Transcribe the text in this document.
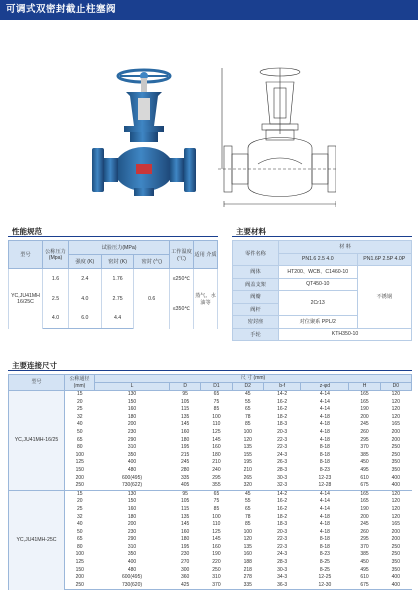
可调式双密封截止柱塞阀
性能规范
型号	公称压力 (Mpa)	试验压力(MPa)			工作温度 (℃)	适用 介质
		强度 (K)	密封 (K)	密封 (气)		
YC,JU41MH 16/25C	1.6	2.4	1.76	0.6	≤250℃	蒸气、水 油等
	2.5	4.0	2.75		≤350℃	
	4.0	6.0	4.4			
主要材料
零件名称	材 料	
	PN1.6 2.5 4.0	PN1.6P 2.5P 4.0P
阀体	HT200、WCB、C1460-10	不锈钢
阀盖支架	QT450-10	
阀瓣	2Cr13	
阀杆		
密封座	对位聚系 PPL/2	
手轮	KTH350-10	
主要连接尺寸
型号	公称通径 (mm)	尺 寸 (mm)							
		L	D	D1	D2	b-f	z-φd	H	D0
YC,JU41MH-16/25	15	130	95	65	45	14-2	4-14	165	120
	20	150	105	75	55	16-2	4-14	165	120
	25	160	115	85	65	16-2	4-14	190	120
	32	180	135	100	78	18-2	4-18	200	120
	40	200	145	110	85	18-3	4-18	245	165
	50	230	160	125	100	20-3	4-18	260	200
	65	290	180	145	120	22-3	4-18	295	200
	80	310	195	160	135	22-3	8-18	370	250
	100	350	215	180	155	24-3	8-18	385	250
	125	400	245	210	195	26-3	8-18	450	350
	150	480	280	240	210	28-3	8-23	495	350
	200	600(495)	335	295	265	30-3	12-23	610	400
	250	730(622)	405	355	320	32-3	12-28	675	400
YC,JU41MH-25C	15	130	95	65	45	14-2	4-14	165	120
	20	150	105	75	55	16-2	4-14	165	120
	25	160	115	85	65	16-2	4-14	190	120
	32	180	135	100	78	18-2	4-18	200	120
	40	200	145	110	85	18-3	4-18	245	165
	50	230	160	125	100	20-3	4-18	260	200
	65	290	180	145	120	22-3	8-18	295	200
	80	310	195	160	135	22-3	8-18	370	250
	100	350	230	190	160	24-3	8-23	385	250
	125	400	270	220	188	28-3	8-25	450	350
	150	480	300	250	218	30-3	8-25	495	350
	200	600(495)	360	310	278	34-3	12-25	610	400
	250	730(620)	425	370	335	36-3	12-30	675	400
